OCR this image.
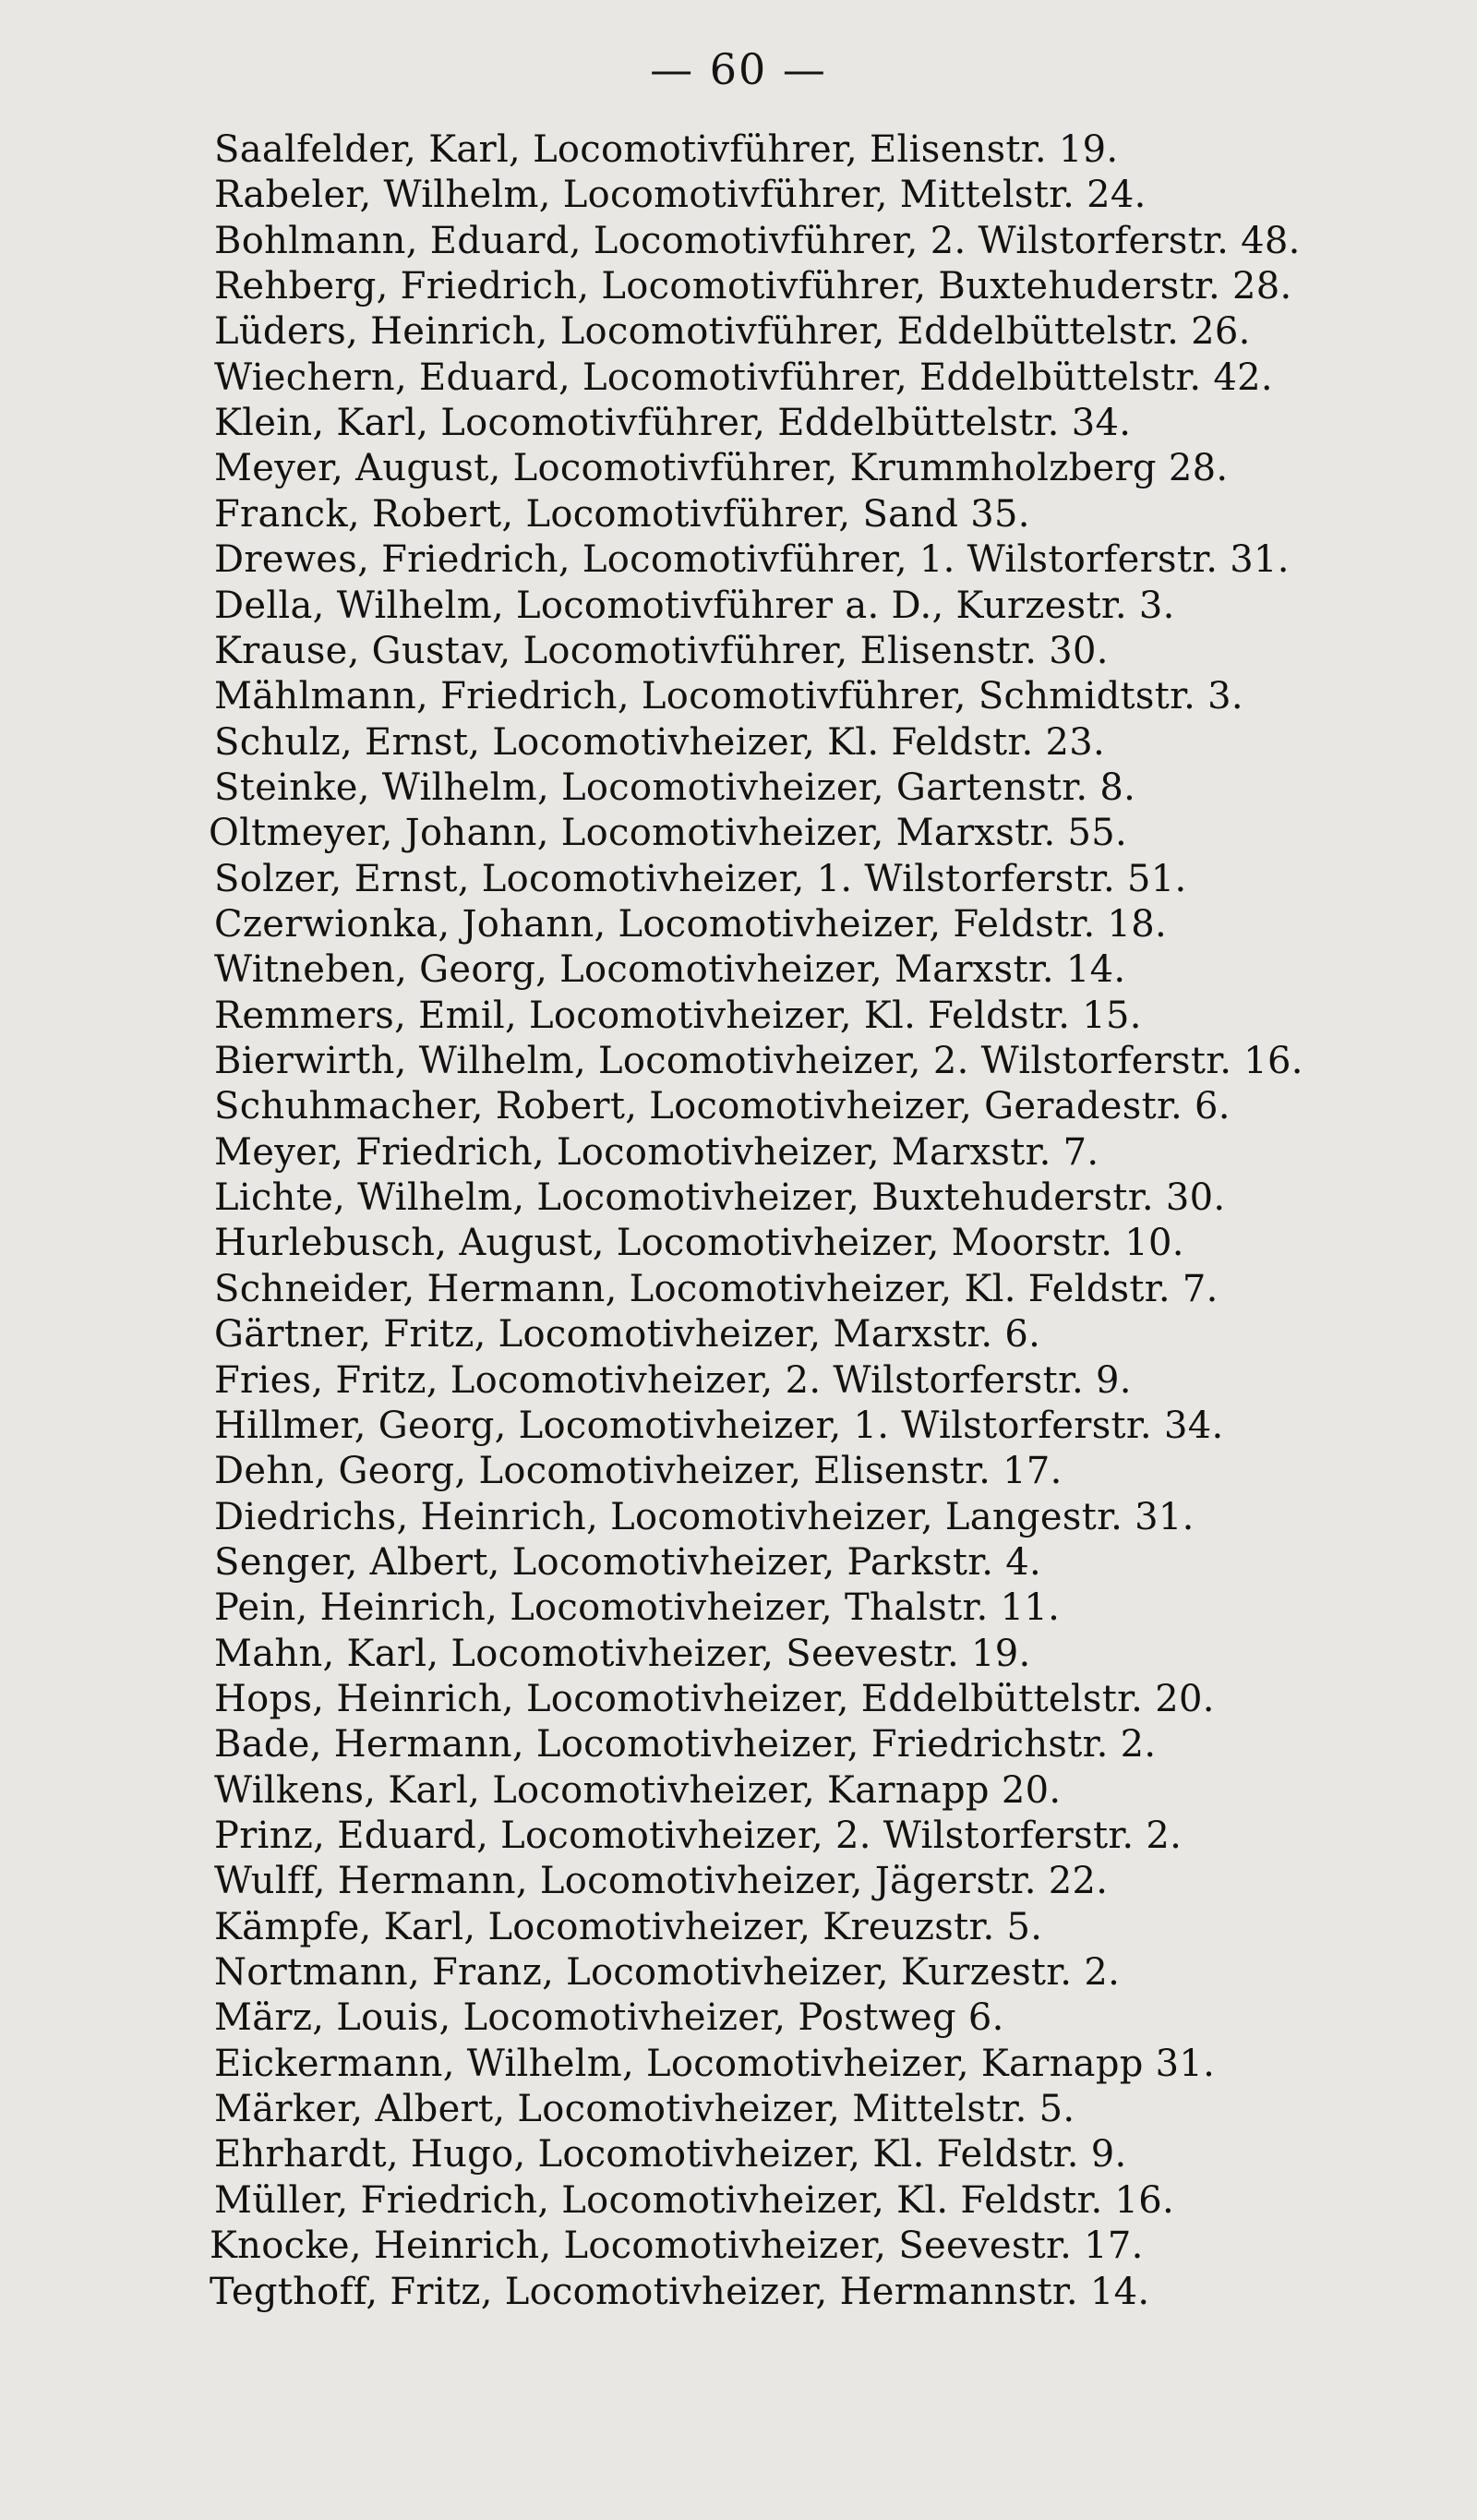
— 60 —
Saalfelder, Karl, Locomotivführer, Elisenstr. 19.
Rabeler, Wilhelm, Locomotivführer, Mittelstr. 24.
Bohlmann, Eduard, Locomotivführer, 2. Wilstorferstr. 48.
Rehberg, Friedrich, Locomotivführer, Buxtehuderstr. 28.
Lüders, Heinrich, Locomotivführer, Eddelbüttelstr. 26.
Wiechern, Eduard, Locomotivführer, Eddelbüttelstr. 42.
Klein, Karl, Locomotivführer, Eddelbüttelstr. 34.
Meyer, August, Locomotivführer, Krummholzberg 28.
Franck, Robert, Locomotivführer, Sand 35.
Drewes, Friedrich, Locomotivführer, 1. Wilstorferstr. 31.
Della, Wilhelm, Locomotivführer a. D., Kurzestr. 3.
Krause, Gustav, Locomotivführer, Elisenstr. 30.
Mählmann, Friedrich, Locomotivführer, Schmidtstr. 3.
Schulz, Ernst, Locomotivheizer, Kl. Feldstr. 23.
Steinke, Wilhelm, Locomotivheizer, Gartenstr. 8.
Oltmeyer, Johann, Locomotivheizer, Marxstr. 55.
Solzer, Ernst, Locomotivheizer, 1. Wilstorferstr. 51.
Czerwionka, Johann, Locomotivheizer, Feldstr. 18.
Witneben, Georg, Locomotivheizer, Marxstr. 14.
Remmers, Emil, Locomotivheizer, Kl. Feldstr. 15.
Bierwirth, Wilhelm, Locomotivheizer, 2. Wilstorferstr. 16.
Schuhmacher, Robert, Locomotivheizer, Geradestr. 6.
Meyer, Friedrich, Locomotivheizer, Marxstr. 7.
Lichte, Wilhelm, Locomotivheizer, Buxtehuderstr. 30.
Hurlebusch, August, Locomotivheizer, Moorstr. 10.
Schneider, Hermann, Locomotivheizer, Kl. Feldstr. 7.
Gärtner, Fritz, Locomotivheizer, Marxstr. 6.
Fries, Fritz, Locomotivheizer, 2. Wilstorferstr. 9.
Hillmer, Georg, Locomotivheizer, 1. Wilstorferstr. 34.
Dehn, Georg, Locomotivheizer, Elisenstr. 17.
Diedrichs, Heinrich, Locomotivheizer, Langestr. 31.
Senger, Albert, Locomotivheizer, Parkstr. 4.
Pein, Heinrich, Locomotivheizer, Thalstr. 11.
Mahn, Karl, Locomotivheizer, Seevestr. 19.
Hops, Heinrich, Locomotivheizer, Eddelbüttelstr. 20.
Bade, Hermann, Locomotivheizer, Friedrichstr. 2.
Wilkens, Karl, Locomotivheizer, Karnapp 20.
Prinz, Eduard, Locomotivheizer, 2. Wilstorferstr. 2.
Wulff, Hermann, Locomotivheizer, Jägerstr. 22.
Kämpfe, Karl, Locomotivheizer, Kreuzstr. 5.
Nortmann, Franz, Locomotivheizer, Kurzestr. 2.
März, Louis, Locomotivheizer, Postweg 6.
Eickermann, Wilhelm, Locomotivheizer, Karnapp 31.
Märker, Albert, Locomotivheizer, Mittelstr. 5.
Ehrhardt, Hugo, Locomotivheizer, Kl. Feldstr. 9.
Müller, Friedrich, Locomotivheizer, Kl. Feldstr. 16.
Knocke, Heinrich, Locomotivheizer, Seevestr. 17.
Tegthoff, Fritz, Locomotivheizer, Hermannstr. 14.
